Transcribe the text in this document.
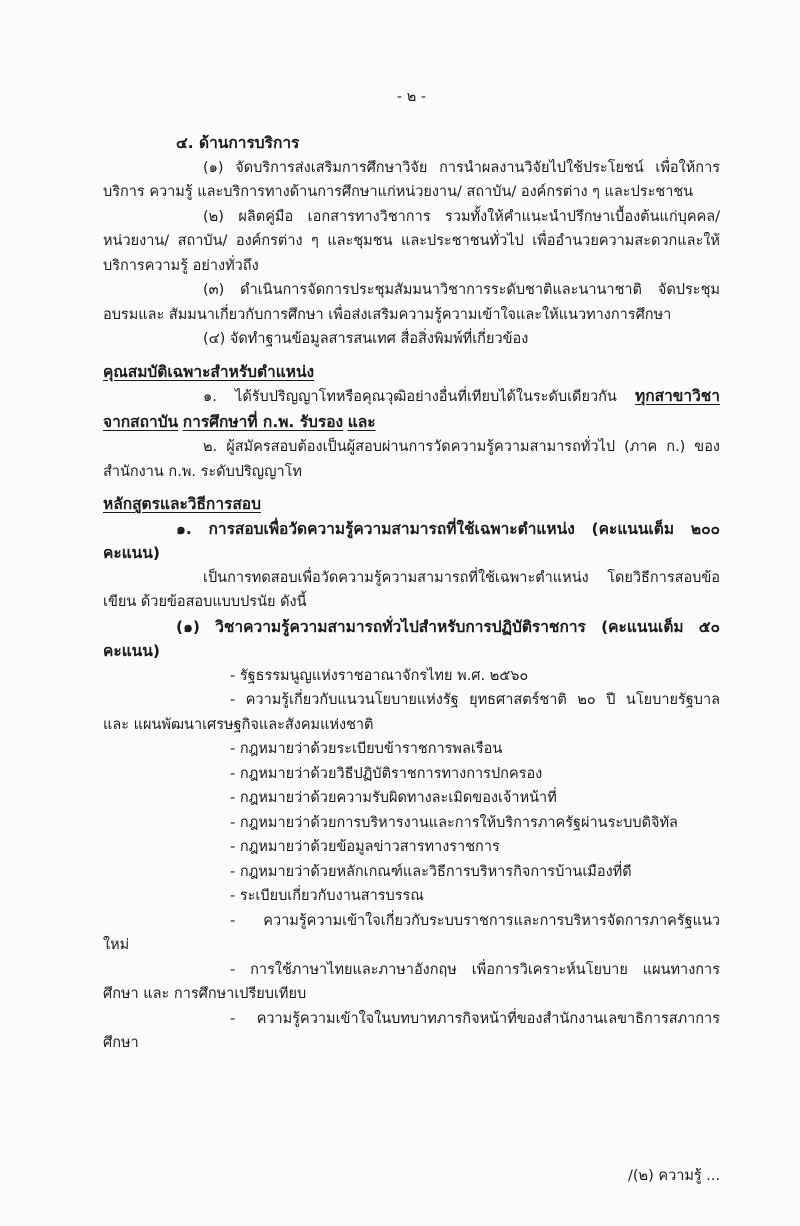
- ๒ -

๔. ด้านการบริการ

(๑) จัดบริการส่งเสริมการศึกษาวิจัย การนำผลงานวิจัยไปใช้ประโยชน์ เพื่อให้การบริการ ความรู้ และบริการทางด้านการศึกษาแก่หน่วยงาน/ สถาบัน/ องค์กรต่าง ๆ และประชาชน

(๒) ผลิตคู่มือ เอกสารทางวิชาการ รวมทั้งให้คำแนะนำปรึกษาเบื้องต้นแก่บุคคล/ หน่วยงาน/ สถาบัน/ องค์กรต่าง ๆ และชุมชน และประชาชนทั่วไป เพื่ออำนวยความสะดวกและให้บริการความรู้ อย่างทั่วถึง

(๓) ดำเนินการจัดการประชุมสัมมนาวิชาการระดับชาติและนานาชาติ จัดประชุมอบรมและ สัมมนาเกี่ยวกับการศึกษา เพื่อส่งเสริมความรู้ความเข้าใจและให้แนวทางการศึกษา

(๔) จัดทำฐานข้อมูลสารสนเทศ สื่อสิ่งพิมพ์ที่เกี่ยวข้อง

คุณสมบัติเฉพาะสำหรับตำแหน่ง

๑. ได้รับปริญญาโทหรือคุณวุฒิอย่างอื่นที่เทียบได้ในระดับเดียวกัน ทุกสาขาวิชา จากสถาบัน การศึกษาที่ ก.พ. รับรอง และ

๒. ผู้สมัครสอบต้องเป็นผู้สอบผ่านการวัดความรู้ความสามารถทั่วไป (ภาค ก.) ของสำนักงาน ก.พ. ระดับปริญญาโท

หลักสูตรและวิธีการสอบ

๑. การสอบเพื่อวัดความรู้ความสามารถที่ใช้เฉพาะตำแหน่ง (คะแนนเต็ม ๒๐๐ คะแนน)

เป็นการทดสอบเพื่อวัดความรู้ความสามารถที่ใช้เฉพาะตำแหน่ง โดยวิธีการสอบข้อเขียน ด้วยข้อสอบแบบปรนัย ดังนี้

(๑) วิชาความรู้ความสามารถทั่วไปสำหรับการปฏิบัติราชการ (คะแนนเต็ม ๕๐ คะแนน)

- รัฐธรรมนูญแห่งราชอาณาจักรไทย พ.ศ. ๒๕๖๐

- ความรู้เกี่ยวกับแนวนโยบายแห่งรัฐ ยุทธศาสตร์ชาติ ๒๐ ปี นโยบายรัฐบาล และ แผนพัฒนาเศรษฐกิจและสังคมแห่งชาติ

- กฎหมายว่าด้วยระเบียบข้าราชการพลเรือน

- กฎหมายว่าด้วยวิธีปฏิบัติราชการทางการปกครอง

- กฎหมายว่าด้วยความรับผิดทางละเมิดของเจ้าหน้าที่

- กฎหมายว่าด้วยการบริหารงานและการให้บริการภาครัฐผ่านระบบดิจิทัล

- กฎหมายว่าด้วยข้อมูลข่าวสารทางราชการ

- กฎหมายว่าด้วยหลักเกณฑ์และวิธีการบริหารกิจการบ้านเมืองที่ดี

- ระเบียบเกี่ยวกับงานสารบรรณ

- ความรู้ความเข้าใจเกี่ยวกับระบบราชการและการบริหารจัดการภาครัฐแนวใหม่

- การใช้ภาษาไทยและภาษาอังกฤษ เพื่อการวิเคราะห์นโยบาย แผนทางการศึกษา และ การศึกษาเปรียบเทียบ

- ความรู้ความเข้าใจในบทบาทภารกิจหน้าที่ของสำนักงานเลขาธิการสภาการศึกษา

/(๒) ความรู้ ...
